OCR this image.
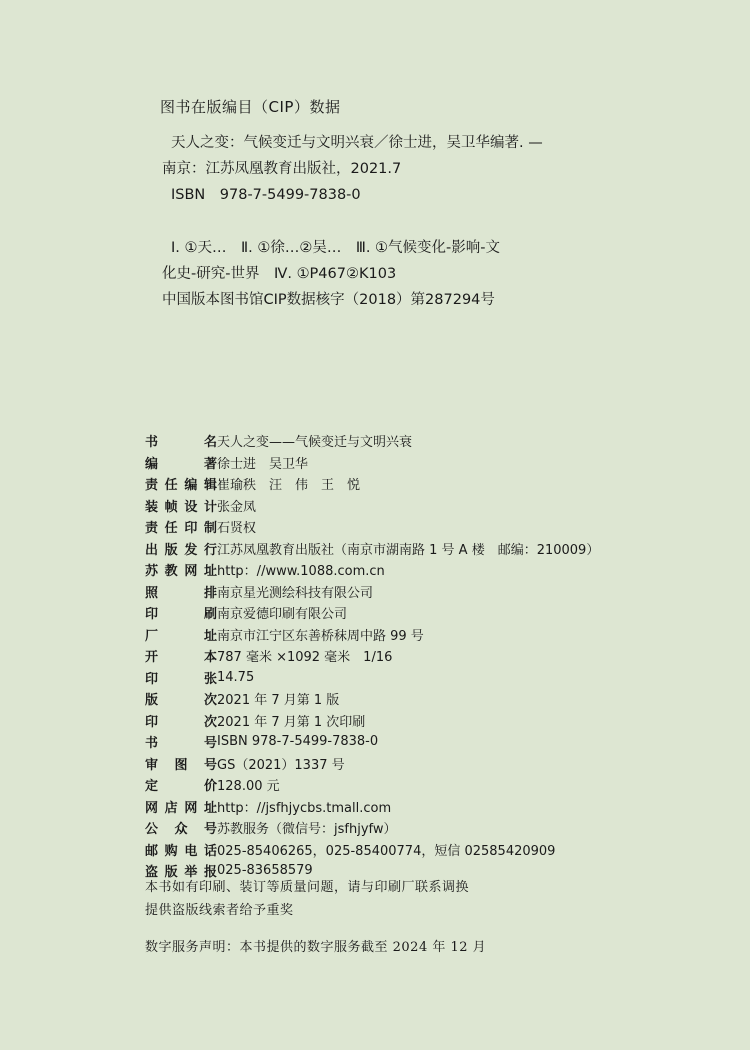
图书在版编目（CIP）数据
天人之变：气候变迁与文明兴衰／徐士进，吴卫华编著. —
南京：江苏凤凰教育出版社，2021.7
ISBN　978-7-5499-7838-0
Ⅰ. ①天…　Ⅱ. ①徐…②吴…　Ⅲ. ①气候变化-影响-文
化史-研究-世界　Ⅳ. ①P467②K103
中国版本图书馆CIP数据核字（2018）第287294号
书名 天人之变——气候变迁与文明兴衰
编著 徐士进　吴卫华
责任编辑 崔瑜秩　汪　伟　王　悦
装帧设计 张金凤
责任印制 石贤权
出版发行 江苏凤凰教育出版社（南京市湖南路 1 号 A 楼　邮编：210009）
苏教网址 http：//www.1088.com.cn
照排 南京星光测绘科技有限公司
印刷 南京爱德印刷有限公司
厂址 南京市江宁区东善桥秣周中路 99 号
开本 787 毫米 ×1092 毫米　1/16
印张 14.75
版次 2021 年 7 月第 1 版
印次 2021 年 7 月第 1 次印刷
书号 ISBN 978-7-5499-7838-0
审图号 GS（2021）1337 号
定价 128.00 元
网店网址 http：//jsfhjycbs.tmall.com
公众号 苏教服务（微信号：jsfhjyfw）
邮购电话 025-85406265，025-85400774，短信 02585420909
盗版举报 025-83658579
本书如有印刷、装订等质量问题，请与印刷厂联系调换
提供盗版线索者给予重奖
数字服务声明：本书提供的数字服务截至 2024 年 12 月
